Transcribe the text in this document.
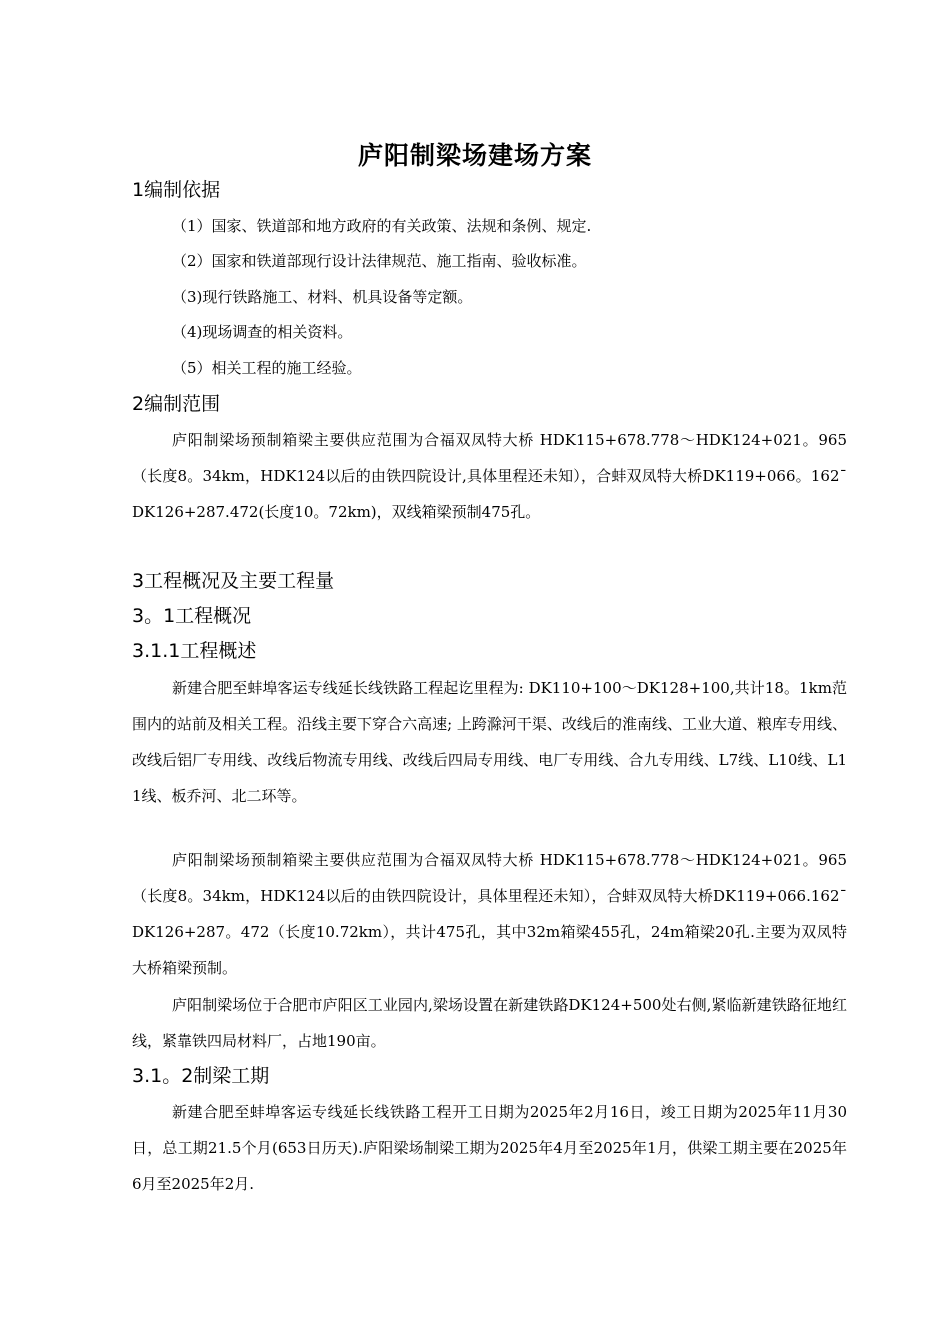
庐阳制梁场建场方案
1编制依据
（1）国家、铁道部和地方政府的有关政策、法规和条例、规定.
（2）国家和铁道部现行设计法律规范、施工指南、验收标准。
（3)现行铁路施工、材料、机具设备等定额。
（4)现场调查的相关资料。
（5）相关工程的施工经验。
2编制范围
庐阳制梁场预制箱梁主要供应范围为合福双凤特大桥 HDK115+678.778～HDK124+021。965（长度8。34km，HDK124以后的由铁四院设计,具体里程还未知），合蚌双凤特大桥DK119+066。162¯ DK126+287.472(长度10。72km)，双线箱梁预制475孔。
3工程概况及主要工程量
3。1工程概况
3.1.1工程概述
新建合肥至蚌埠客运专线延长线铁路工程起讫里程为: DK110+100～DK128+100,共计18。1km范围内的站前及相关工程。沿线主要下穿合六高速; 上跨滁河干渠、改线后的淮南线、工业大道、粮库专用线、改线后铝厂专用线、改线后物流专用线、改线后四局专用线、电厂专用线、合九专用线、L7线、L10线、L11线、板乔河、北二环等。
庐阳制梁场预制箱梁主要供应范围为合福双凤特大桥 HDK115+678.778～HDK124+021。965（长度8。34km，HDK124以后的由铁四院设计，具体里程还未知），合蚌双凤特大桥DK119+066.162¯ DK126+287。472（长度10.72km），共计475孔，其中32m箱梁455孔，24m箱梁20孔.主要为双凤特大桥箱梁预制。
庐阳制梁场位于合肥市庐阳区工业园内,梁场设置在新建铁路DK124+500处右侧,紧临新建铁路征地红线，紧靠铁四局材料厂，占地190亩。
3.1。2制梁工期
新建合肥至蚌埠客运专线延长线铁路工程开工日期为2025年2月16日，竣工日期为2025年11月30日，总工期21.5个月(653日历天).庐阳梁场制梁工期为2025年4月至2025年1月，供梁工期主要在2025年6月至2025年2月.
